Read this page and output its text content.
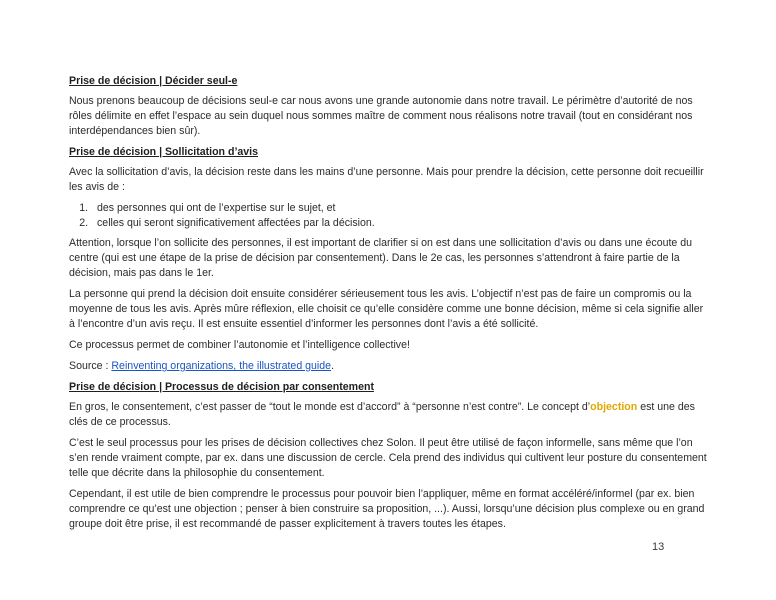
Prise de décision | Décider seul-e

Nous prenons beaucoup de décisions seul-e car nous avons une grande autonomie dans notre travail. Le périmètre d’autorité de nos rôles délimite en effet l’espace au sein duquel nous sommes maître de comment nous réalisons notre travail (tout en considérant nos interdépendances bien sûr).

Prise de décision | Sollicitation d’avis

Avec la sollicitation d’avis, la décision reste dans les mains d’une personne. Mais pour prendre la décision, cette personne doit recueillir les avis de :

1. des personnes qui ont de l’expertise sur le sujet, et
2. celles qui seront significativement affectées par la décision.

Attention, lorsque l’on sollicite des personnes, il est important de clarifier si on est dans une sollicitation d’avis ou dans une écoute du centre (qui est une étape de la prise de décision par consentement). Dans le 2e cas, les personnes s’attendront à faire partie de la décision, mais pas dans le 1er.

La personne qui prend la décision doit ensuite considérer sérieusement tous les avis. L’objectif n’est pas de faire un compromis ou la moyenne de tous les avis. Après mûre réflexion, elle choisit ce qu’elle considère comme une bonne décision, même si cela signifie aller à l’encontre d’un avis reçu. Il est ensuite essentiel d’informer les personnes dont l’avis a été sollicité.

Ce processus permet de combiner l’autonomie et l’intelligence collective!

Source : Reinventing organizations, the illustrated guide.

Prise de décision | Processus de décision par consentement

En gros, le consentement, c’est passer de “tout le monde est d’accord” à “personne n’est contre”. Le concept d’objection est une des clés de ce processus.

C’est le seul processus pour les prises de décision collectives chez Solon. Il peut être utilisé de façon informelle, sans même que l’on s’en rende vraiment compte, par ex. dans une discussion de cercle. Cela prend des individus qui cultivent leur posture du consentement telle que décrite dans la philosophie du consentement.

Cependant, il est utile de bien comprendre le processus pour pouvoir bien l’appliquer, même en format accéléré/informel (par ex. bien comprendre ce qu’est une objection ; penser à bien construire sa proposition, ...). Aussi, lorsqu’une décision plus complexe ou en grand groupe doit être prise, il est recommandé de passer explicitement à travers toutes les étapes.

13
